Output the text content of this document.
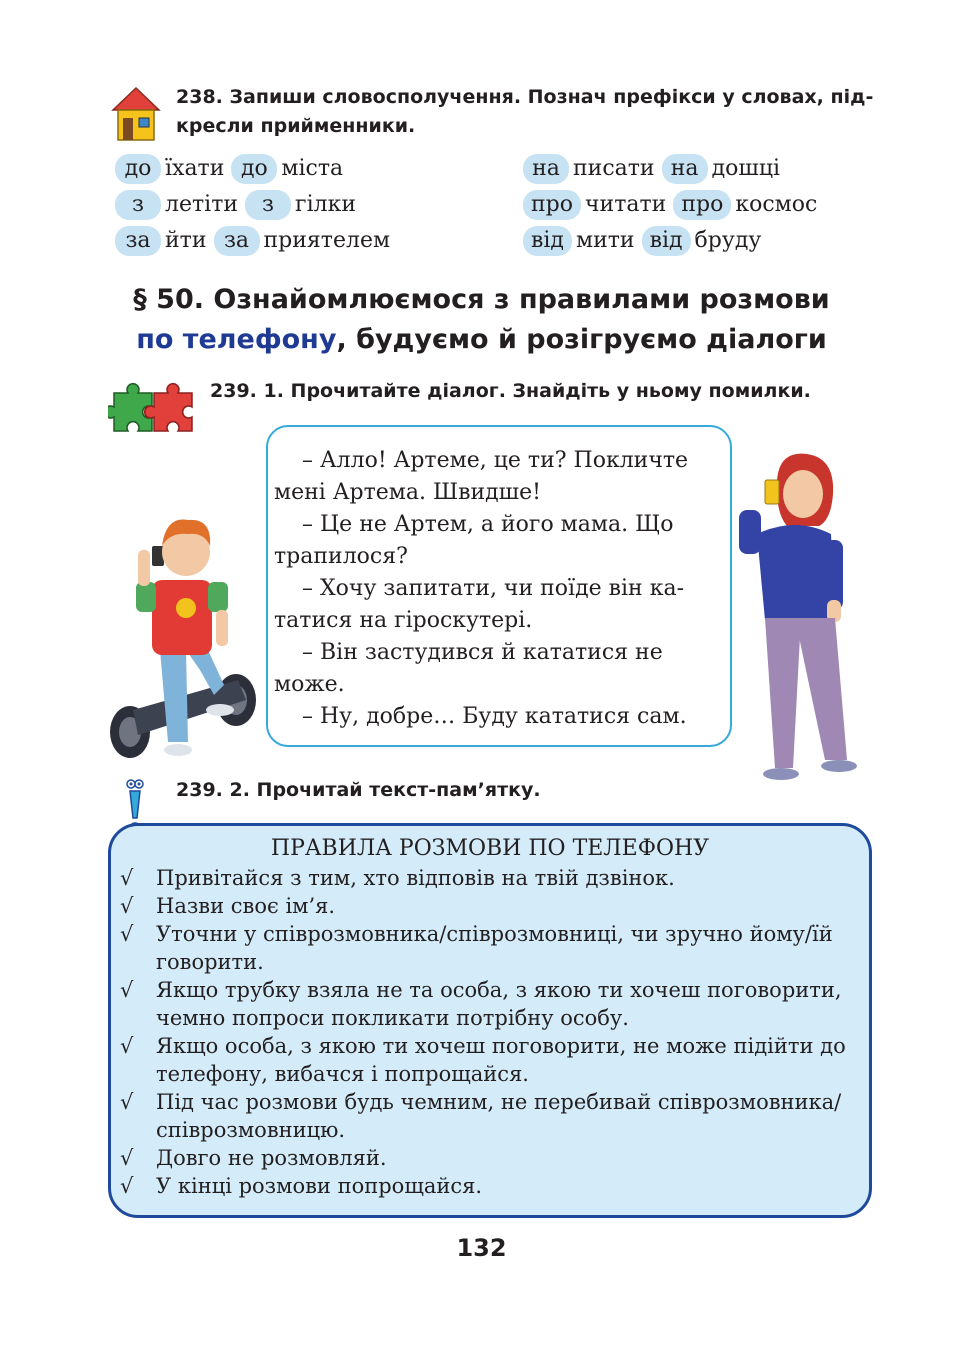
238. Запиши словосполучення. Познач префікси у словах, під-
кресли прийменники.
до їхати до міста
з летіти з гілки
за йти за приятелем
на писати на дошці
про читати про космос
від мити від бруду
§ 50. Ознайомлюємося з правилами розмови
по телефону, будуємо й розігруємо діалоги
239. 1. Прочитайте діалог. Знайдіть у ньому помилки.
– Алло! Артеме, це ти? Покличте
мені Артема. Швидше!
– Це не Артем, а його мама. Що
трапилося?
– Хочу запитати, чи поїде він ка-
татися на гіроскутері.
– Він застудився й кататися не
може.
– Ну, добре… Буду кататися сам.
239. 2. Прочитай текст-пам’ятку.
ПРАВИЛА РОЗМОВИ ПО ТЕЛЕФОНУ
√ Привітайся з тим, хто відповів на твій дзвінок.
√ Назви своє ім’я.
√ Уточни у співрозмовника/співрозмовниці, чи зручно йому/їй говорити.
√ Якщо трубку взяла не та особа, з якою ти хочеш поговорити, чемно попроси покликати потрібну особу.
√ Якщо особа, з якою ти хочеш поговорити, не може підійти до телефону, вибачся і попрощайся.
√ Під час розмови будь чемним, не перебивай співрозмовника/ співрозмовницю.
√ Довго не розмовляй.
√ У кінці розмови попрощайся.
132
